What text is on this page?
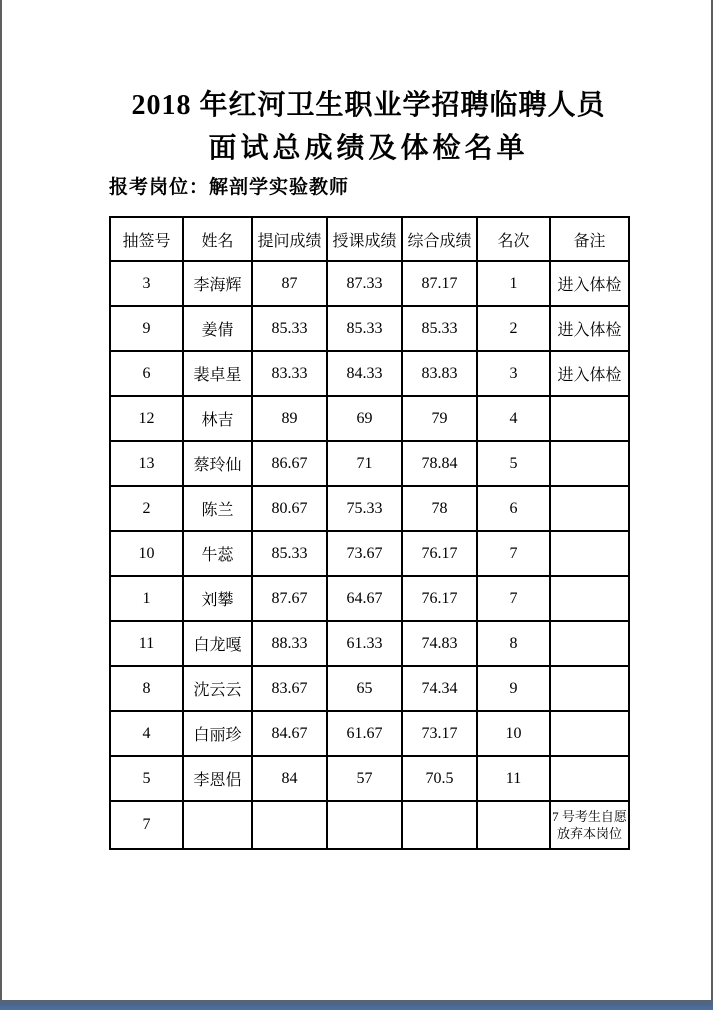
2018 年红河卫生职业学招聘临聘人员
面试总成绩及体检名单
报考岗位：解剖学实验教师
抽签号	姓名	提问成绩	授课成绩	综合成绩	名次	备注
3	李海辉	87	87.33	87.17	1	进入体检
9	姜倩	85.33	85.33	85.33	2	进入体检
6	裴卓星	83.33	84.33	83.83	3	进入体检
12	林吉	89	69	79	4	
13	蔡玲仙	86.67	71	78.84	5	
2	陈兰	80.67	75.33	78	6	
10	牛蕊	85.33	73.67	76.17	7	
1	刘攀	87.67	64.67	76.17	7	
11	白龙嘎	88.33	61.33	74.83	8	
8	沈云云	83.67	65	74.34	9	
4	白丽珍	84.67	61.67	73.17	10	
5	李恩侣	84	57	70.5	11	
7						7 号考生自愿放弃本岗位
